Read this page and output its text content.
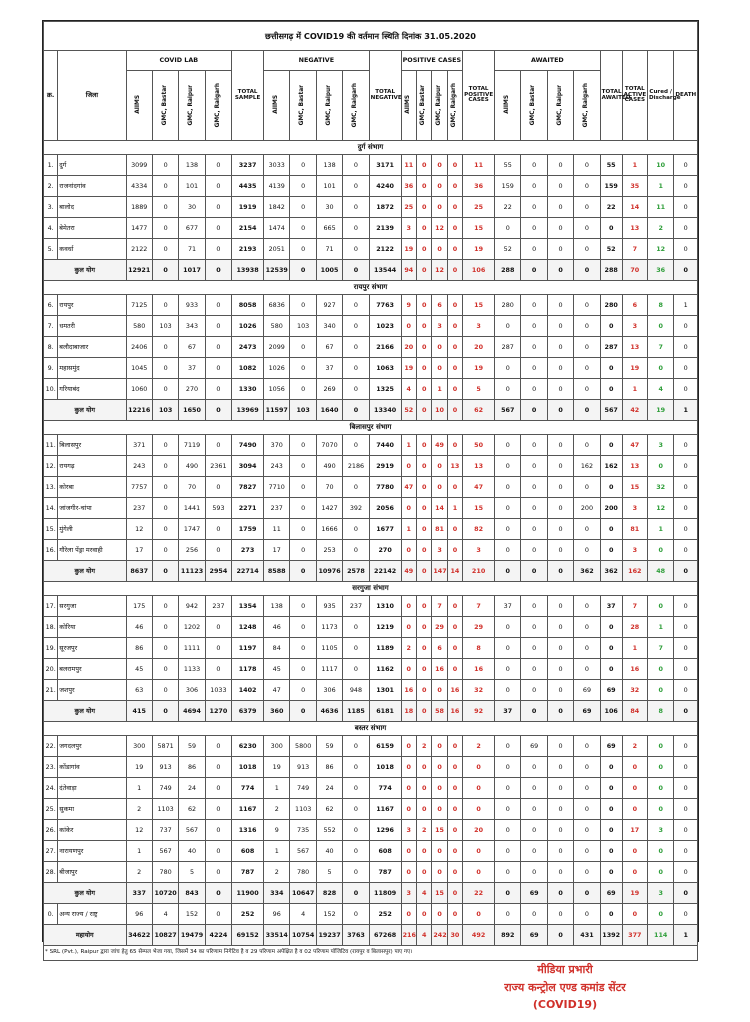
छत्तीसगढ़ में COVID19 की वर्तमान स्थिति दिनांक 31.05.2020																								
क्र.	जिला	COVID LAB				TOTAL SAMPLE	NEGATIVE				TOTAL NEGATIVE	POSITIVE CASES				TOTAL POSITIVE CASES	AWAITED				TOTAL AWAITED	TOTAL ACTIVE CASES	Cured / Discharge	DEATH
		AIIMS	GMC, Bastar	GMC, Raipur	GMC, Raigarh		AIIMS	GMC, Bastar	GMC, Raipur	GMC, Raigarh		AIIMS	GMC, Bastar	GMC, Raipur	GMC, Raigarh		AIIMS	GMC, Bastar	GMC, Raipur	GMC, Raigarh				
दुर्ग संभाग																								
1.	दुर्ग	3099	0	138	0	3237	3033	0	138	0	3171	11	0	0	0	11	55	0	0	0	55	1	10	0
2.	राजनांदगांव	4334	0	101	0	4435	4139	0	101	0	4240	36	0	0	0	36	159	0	0	0	159	35	1	0
3.	बालोद	1889	0	30	0	1919	1842	0	30	0	1872	25	0	0	0	25	22	0	0	0	22	14	11	0
4.	बेमेतरा	1477	0	677	0	2154	1474	0	665	0	2139	3	0	12	0	15	0	0	0	0	0	13	2	0
5.	कवर्धा	2122	0	71	0	2193	2051	0	71	0	2122	19	0	0	0	19	52	0	0	0	52	7	12	0
कुल योग		12921	0	1017	0	13938	12539	0	1005	0	13544	94	0	12	0	106	288	0	0	0	288	70	36	0
रायपुर संभाग																								
6.	रायपुर	7125	0	933	0	8058	6836	0	927	0	7763	9	0	6	0	15	280	0	0	0	280	6	8	1
7.	धमतरी	580	103	343	0	1026	580	103	340	0	1023	0	0	3	0	3	0	0	0	0	0	3	0	0
8.	बलौदाबाजार	2406	0	67	0	2473	2099	0	67	0	2166	20	0	0	0	20	287	0	0	0	287	13	7	0
9.	महासमुंद	1045	0	37	0	1082	1026	0	37	0	1063	19	0	0	0	19	0	0	0	0	0	19	0	0
10.	गरियाबंद	1060	0	270	0	1330	1056	0	269	0	1325	4	0	1	0	5	0	0	0	0	0	1	4	0
कुल योग		12216	103	1650	0	13969	11597	103	1640	0	13340	52	0	10	0	62	567	0	0	0	567	42	19	1
बिलासपुर संभाग																								
11.	बिलासपुर	371	0	7119	0	7490	370	0	7070	0	7440	1	0	49	0	50	0	0	0	0	0	47	3	0
12.	रायगढ़	243	0	490	2361	3094	243	0	490	2186	2919	0	0	0	13	13	0	0	0	162	162	13	0	0
13.	कोरबा	7757	0	70	0	7827	7710	0	70	0	7780	47	0	0	0	47	0	0	0	0	0	15	32	0
14.	जांजगीर-चांपा	237	0	1441	593	2271	237	0	1427	392	2056	0	0	14	1	15	0	0	0	200	200	3	12	0
15.	मुंगेली	12	0	1747	0	1759	11	0	1666	0	1677	1	0	81	0	82	0	0	0	0	0	81	1	0
16.	गौरेला पेंड्रा मरवाही	17	0	256	0	273	17	0	253	0	270	0	0	3	0	3	0	0	0	0	0	3	0	0
कुल योग		8637	0	11123	2954	22714	8588	0	10976	2578	22142	49	0	147	14	210	0	0	0	362	362	162	48	0
सरगुजा संभाग																								
17.	सरगुजा	175	0	942	237	1354	138	0	935	237	1310	0	0	7	0	7	37	0	0	0	37	7	0	0
18.	कोरिया	46	0	1202	0	1248	46	0	1173	0	1219	0	0	29	0	29	0	0	0	0	0	28	1	0
19.	सूरजपुर	86	0	1111	0	1197	84	0	1105	0	1189	2	0	6	0	8	0	0	0	0	0	1	7	0
20.	बलरामपुर	45	0	1133	0	1178	45	0	1117	0	1162	0	0	16	0	16	0	0	0	0	0	16	0	0
21.	जशपुर	63	0	306	1033	1402	47	0	306	948	1301	16	0	0	16	32	0	0	0	69	69	32	0	0
कुल योग		415	0	4694	1270	6379	360	0	4636	1185	6181	18	0	58	16	92	37	0	0	69	106	84	8	0
बस्तर संभाग																								
22.	जगदलपुर	300	5871	59	0	6230	300	5800	59	0	6159	0	2	0	0	2	0	69	0	0	69	2	0	0
23.	कोंडागांव	19	913	86	0	1018	19	913	86	0	1018	0	0	0	0	0	0	0	0	0	0	0	0	0
24.	दंतेवाड़ा	1	749	24	0	774	1	749	24	0	774	0	0	0	0	0	0	0	0	0	0	0	0	0
25.	सुकमा	2	1103	62	0	1167	2	1103	62	0	1167	0	0	0	0	0	0	0	0	0	0	0	0	0
26.	कांकेर	12	737	567	0	1316	9	735	552	0	1296	3	2	15	0	20	0	0	0	0	0	17	3	0
27.	नारायणपुर	1	567	40	0	608	1	567	40	0	608	0	0	0	0	0	0	0	0	0	0	0	0	0
28.	बीजापुर	2	780	5	0	787	2	780	5	0	787	0	0	0	0	0	0	0	0	0	0	0	0	0
कुल योग		337	10720	843	0	11900	334	10647	828	0	11809	3	4	15	0	22	0	69	0	0	69	19	3	0
0.	अन्य राज्य / राष्ट्र	96	4	152	0	252	96	4	152	0	252	0	0	0	0	0	0	0	0	0	0	0	0	0
महायोग		34622	10827	19479	4224	69152	33514	10754	19237	3763	67268	216	4	242	30	492	892	69	0	431	1392	377	114	1
* SRL (Pvt.), Raipur द्वारा जांच हेतु 65 सेम्पल भेजा गया, जिसमें 34 का परिणाम निगेटिव है व 29 परिणाम अपेक्षित है व 02 परिणाम पॉजिटिव (रायपुर व बिलासपुर) पाए गए।																								
मीडिया प्रभारी
राज्य कन्ट्रोल एण्ड कमांड सेंटर
(COVID19)
